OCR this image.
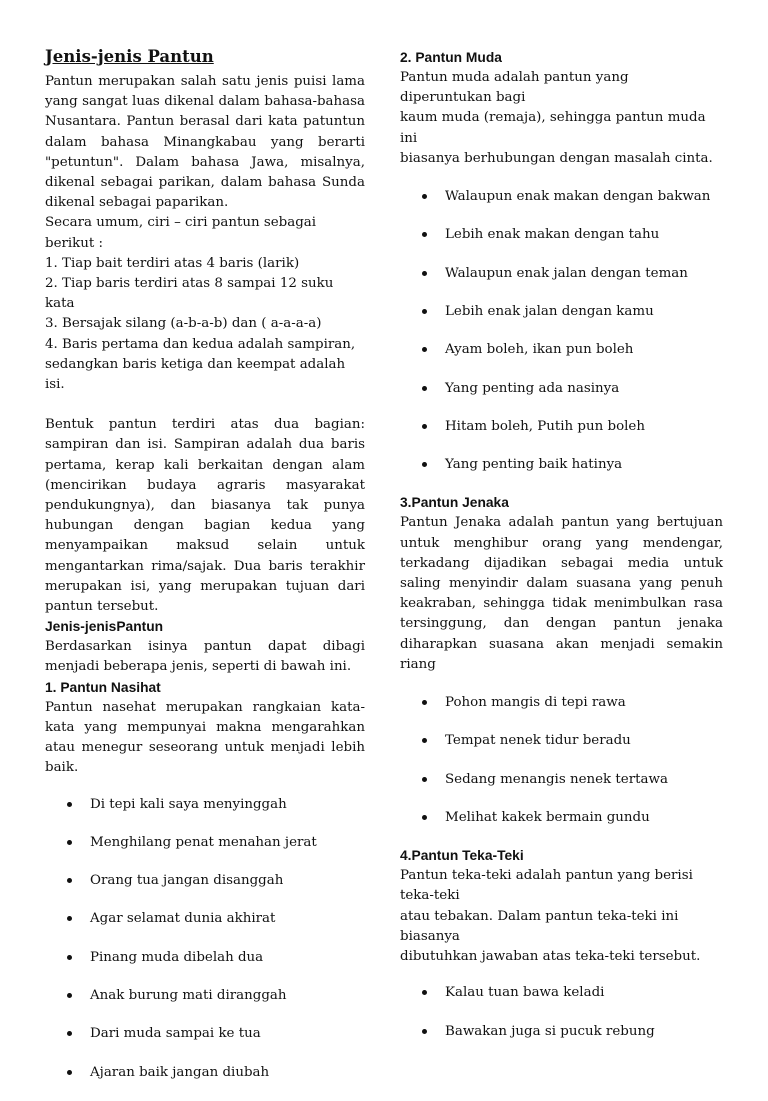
Jenis-jenis Pantun

Pantun merupakan salah satu jenis puisi lama yang sangat luas dikenal dalam bahasa-bahasa Nusantara. Pantun berasal dari kata patuntun dalam bahasa Minangkabau yang berarti "petuntun". Dalam bahasa Jawa, misalnya, dikenal sebagai parikan, dalam bahasa Sunda dikenal sebagai paparikan.

Secara umum, ciri – ciri pantun sebagai berikut :

1. Tiap bait terdiri atas 4 baris (larik)
2. Tiap baris terdiri atas 8 sampai 12 suku kata
3. Bersajak silang (a-b-a-b) dan ( a-a-a-a)
4. Baris pertama dan kedua adalah sampiran,
sedangkan baris ketiga dan keempat adalah isi.

Bentuk pantun terdiri atas dua bagian: sampiran dan isi. Sampiran adalah dua baris pertama, kerap kali berkaitan dengan alam (mencirikan budaya agraris masyarakat pendukungnya), dan biasanya tak punya hubungan dengan bagian kedua yang menyampaikan maksud selain untuk mengantarkan rima/sajak. Dua baris terakhir merupakan isi, yang merupakan tujuan dari pantun tersebut.

Jenis-jenisPantun

Berdasarkan isinya pantun dapat dibagi menjadi beberapa jenis, seperti di bawah ini.

1. Pantun Nasihat

Pantun nasehat merupakan rangkaian kata-kata yang mempunyai makna mengarahkan atau menegur seseorang untuk menjadi lebih baik.

Di tepi kali saya menyinggah
Menghilang penat menahan jerat
Orang tua jangan disanggah
Agar selamat dunia akhirat
Pinang muda dibelah dua
Anak burung mati diranggah
Dari muda sampai ke tua
Ajaran baik jangan diubah
2. Pantun Muda
Pantun muda adalah pantun yang diperuntukan bagi
kaum muda (remaja), sehingga pantun muda ini
biasanya berhubungan dengan masalah cinta.
Walaupun enak makan dengan bakwan
Lebih enak makan dengan tahu
Walaupun enak jalan dengan teman
Lebih enak jalan dengan kamu
Ayam boleh, ikan pun boleh
Yang penting ada nasinya
Hitam boleh, Putih pun boleh
Yang penting baik hatinya
3.Pantun Jenaka

Pantun Jenaka adalah pantun yang bertujuan untuk menghibur orang yang mendengar, terkadang dijadikan sebagai media untuk saling menyindir dalam suasana yang penuh keakraban, sehingga tidak menimbulkan rasa tersinggung, dan dengan pantun jenaka diharapkan suasana akan menjadi semakin riang

Pohon mangis di tepi rawa
Tempat nenek tidur beradu
Sedang menangis nenek tertawa
Melihat kakek bermain gundu
4.Pantun Teka-Teki
Pantun teka-teki adalah pantun yang berisi teka-teki
atau tebakan. Dalam pantun teka-teki ini biasanya
dibutuhkan jawaban atas teka-teki tersebut.
Kalau tuan bawa keladi
Bawakan juga si pucuk rebung
